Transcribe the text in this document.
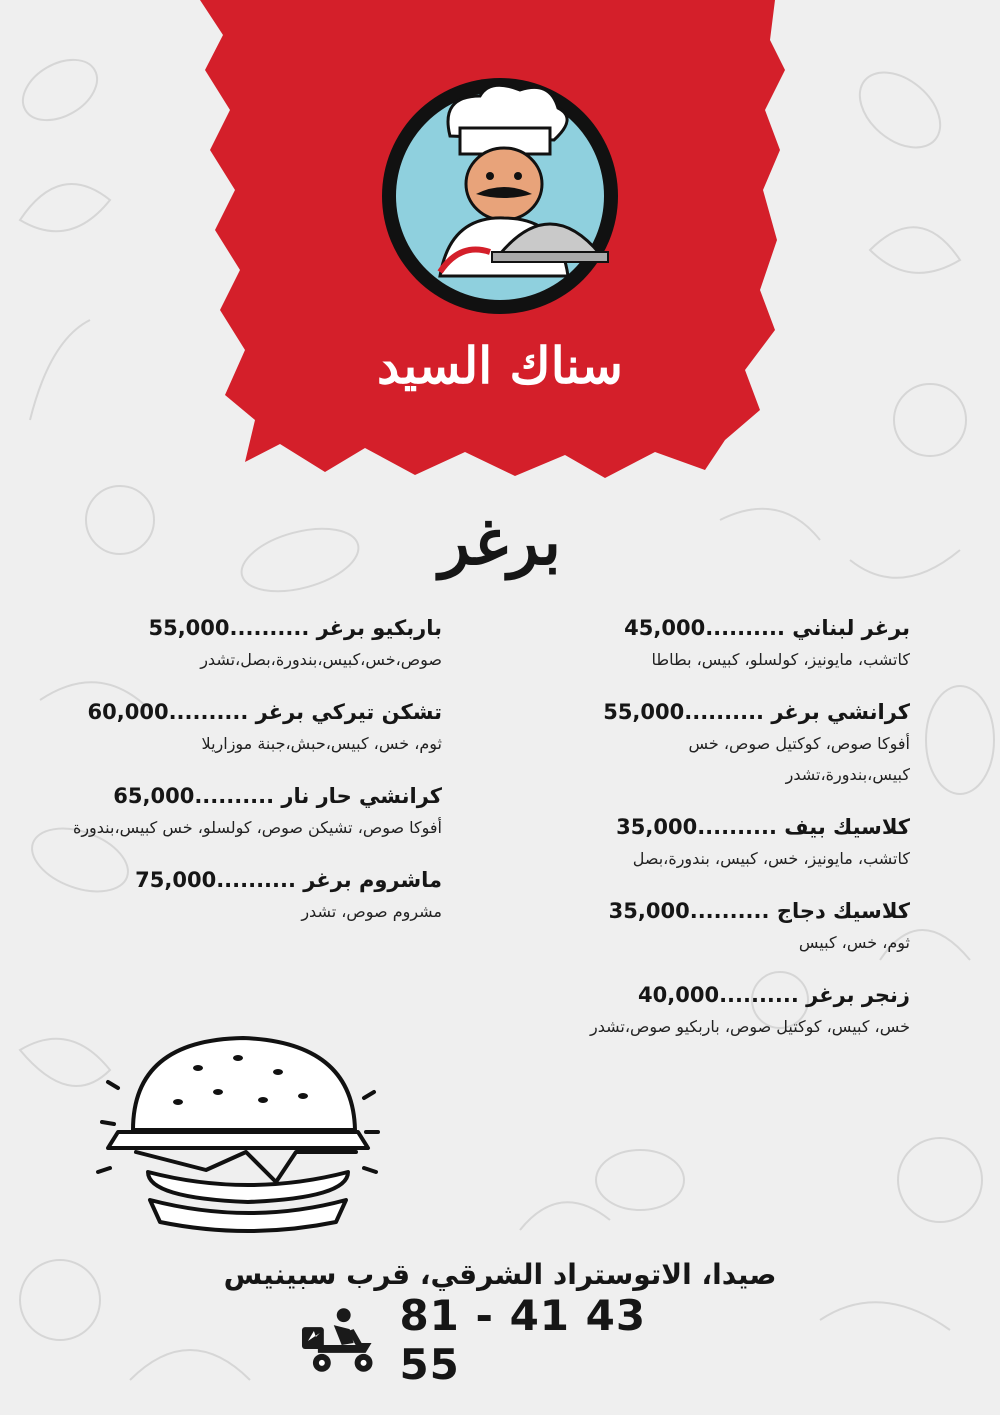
سناك السيد
برغر
برغر لبناني ..........45,000
كاتشب، مايونيز، كولسلو، كبيس، بطاطا
كرانشي برغر ..........55,000
أفوكا صوص، كوكتيل صوص، خس كبيس،بندورة،تشدر
كلاسيك بيف ..........35,000
كاتشب، مايونيز، خس، كبيس، بندورة،بصل
كلاسيك دجاج ..........35,000
ثوم، خس، كبيس
زنجر برغر ..........40,000
خس، كبيس، كوكتيل صوص، باربكيو صوص،تشدر
باربكيو برغر ..........55,000
صوص،خس،كبيس،بندورة،بصل،تشدر
تشكن تيركي برغر ..........60,000
ثوم، خس، كبيس،حبش،جبنة موزاريلا
كرانشي حار نار ..........65,000
أفوكا صوص، تشيكن صوص، كولسلو، خس كبيس،بندورة
ماشروم برغر ..........75,000
مشروم صوص، تشدر
صيدا، الاتوستراد الشرقي، قرب سبينيس
81 - 41 43 55
